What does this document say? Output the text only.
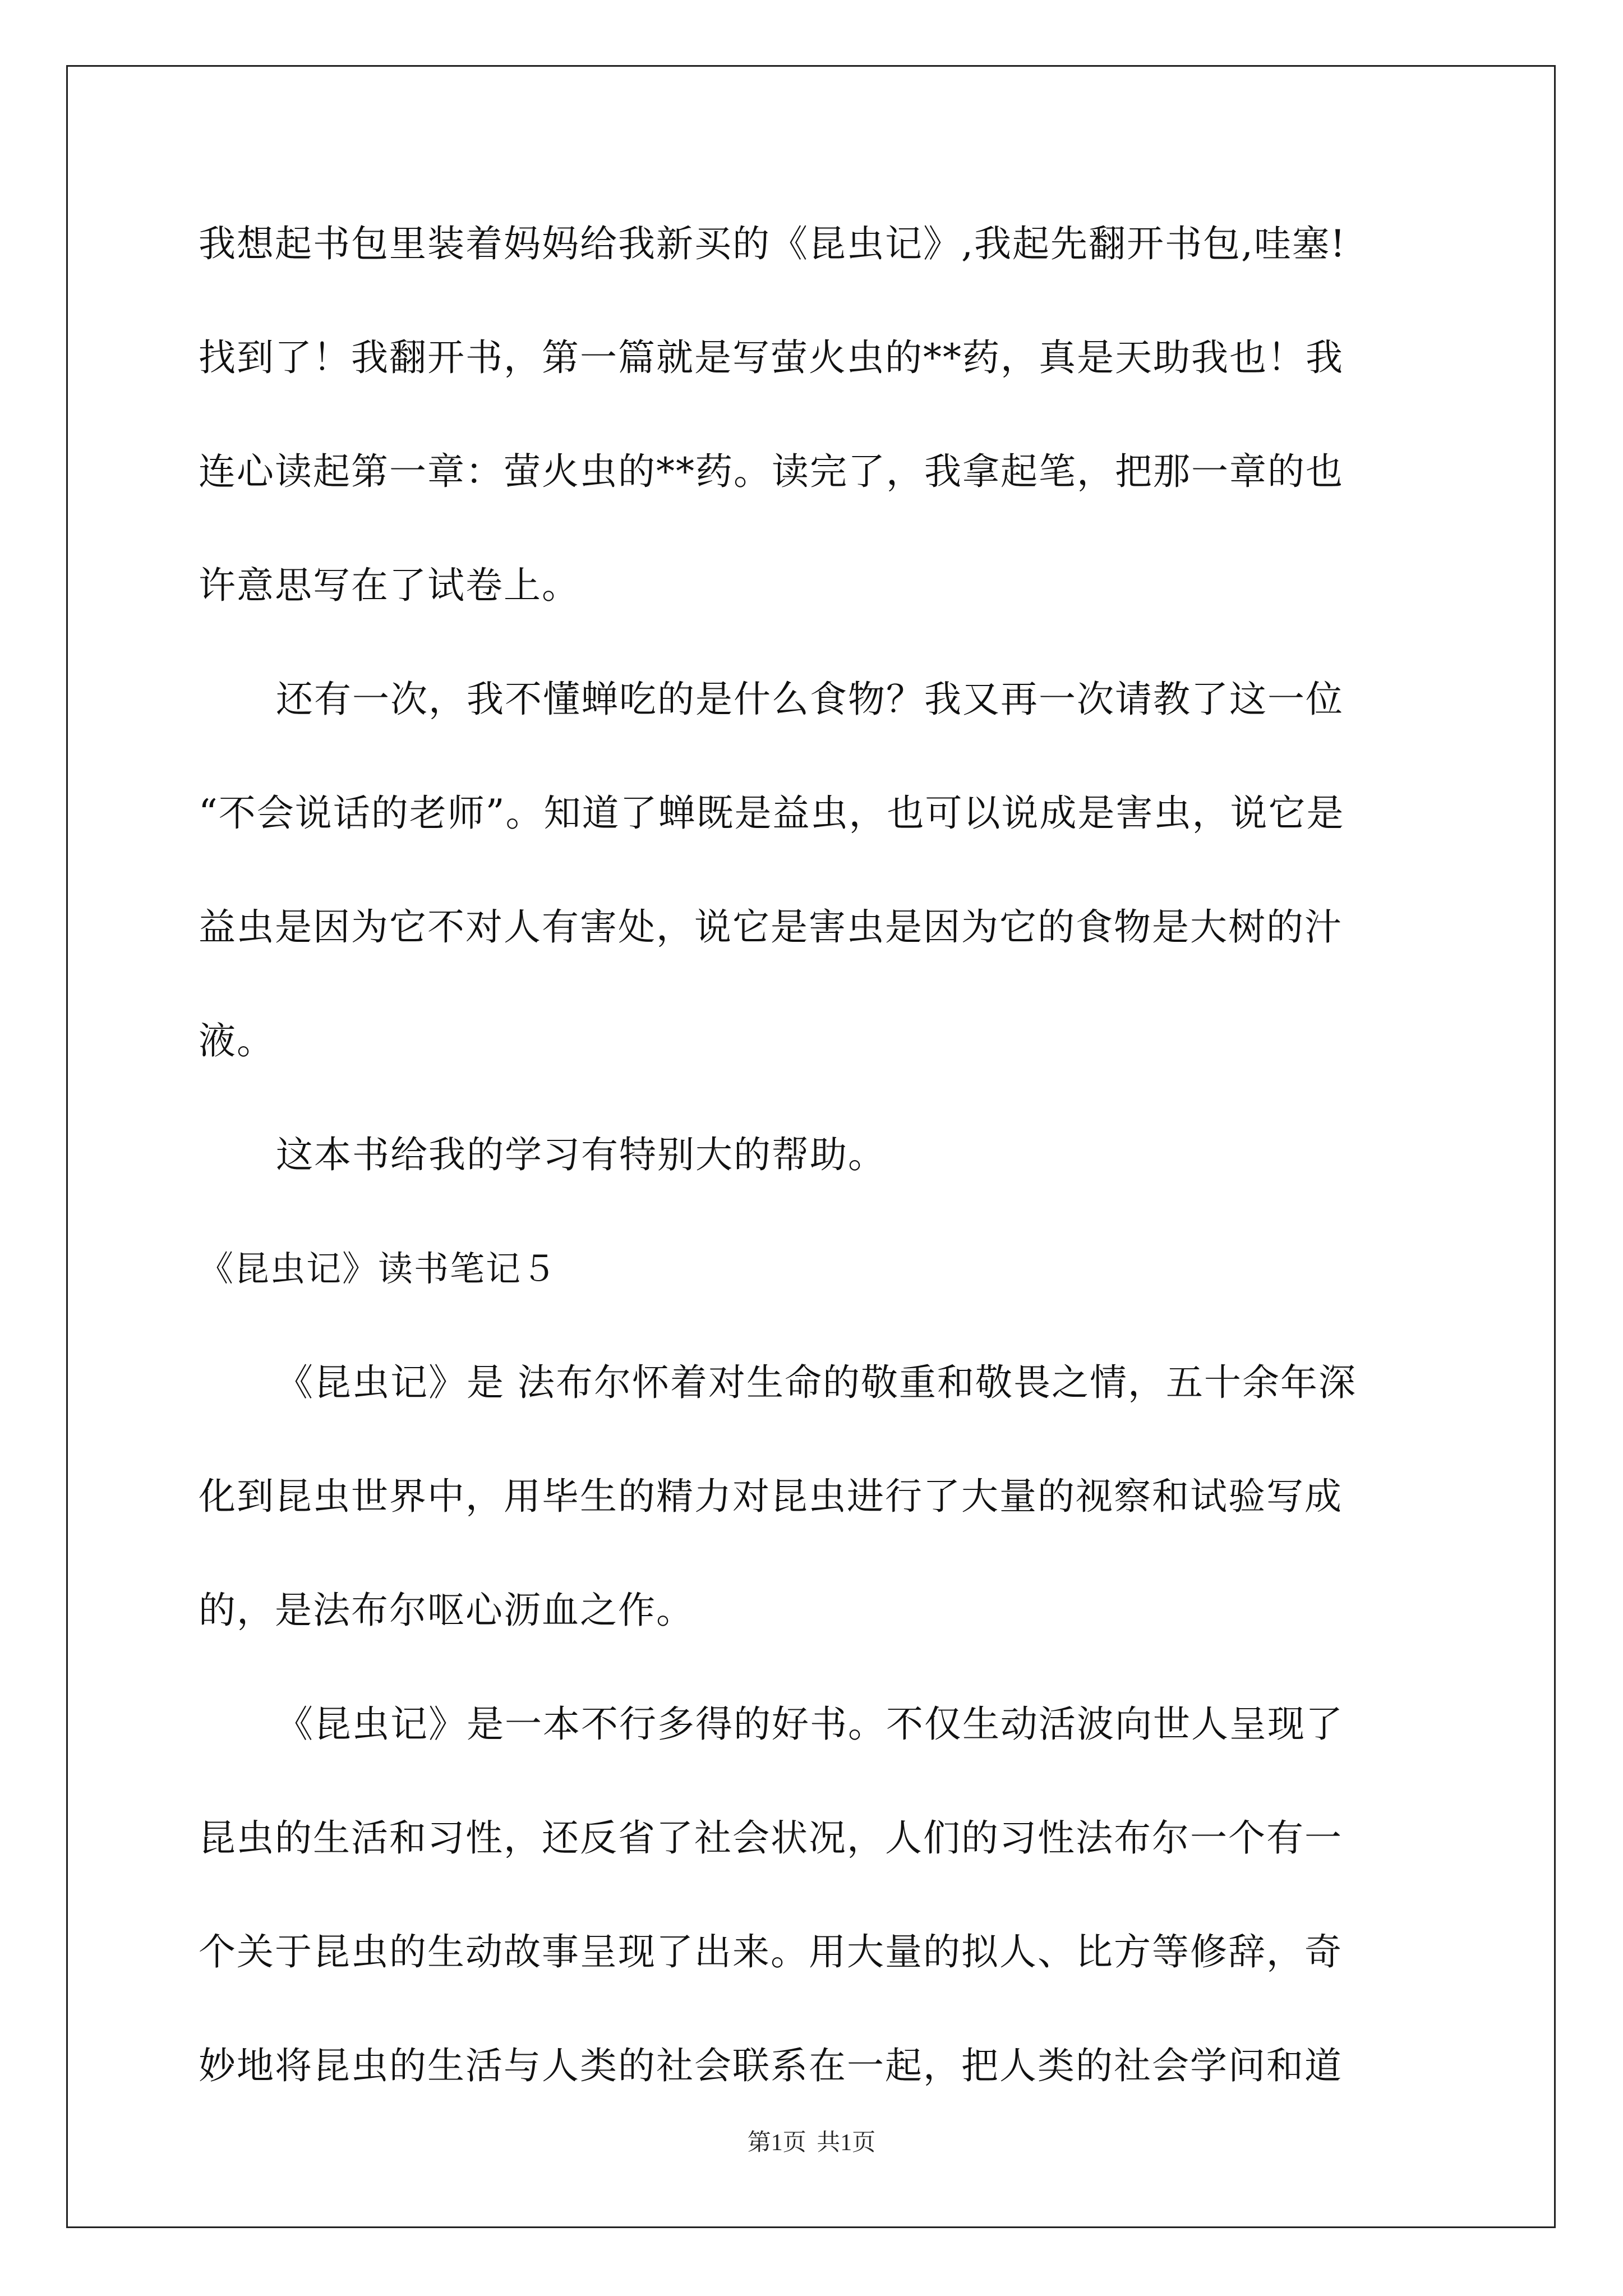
我想起书包里装着妈妈给我新买的《昆虫记》,我起先翻开书包,哇塞!
找到了！我翻开书，第一篇就是写萤火虫的**药，真是天助我也！我
连心读起第一章：萤火虫的**药。读完了，我拿起笔，把那一章的也
许意思写在了试卷上。
还有一次，我不懂蝉吃的是什么食物？我又再一次请教了这一位
“不会说话的老师”。知道了蝉既是益虫，也可以说成是害虫，说它是
益虫是因为它不对人有害处，说它是害虫是因为它的食物是大树的汁
液。
这本书给我的学习有特别大的帮助。
《昆虫记》读书笔记５
《昆虫记》是 法布尔怀着对生命的敬重和敬畏之情，五十余年深
化到昆虫世界中，用毕生的精力对昆虫进行了大量的视察和试验写成
的，是法布尔呕心沥血之作。
《昆虫记》是一本不行多得的好书。不仅生动活波向世人呈现了
昆虫的生活和习性，还反省了社会状况，人们的习性法布尔一个有一
个关于昆虫的生动故事呈现了出来。用大量的拟人、比方等修辞，奇
妙地将昆虫的生活与人类的社会联系在一起，把人类的社会学问和道
第1页 共1页
